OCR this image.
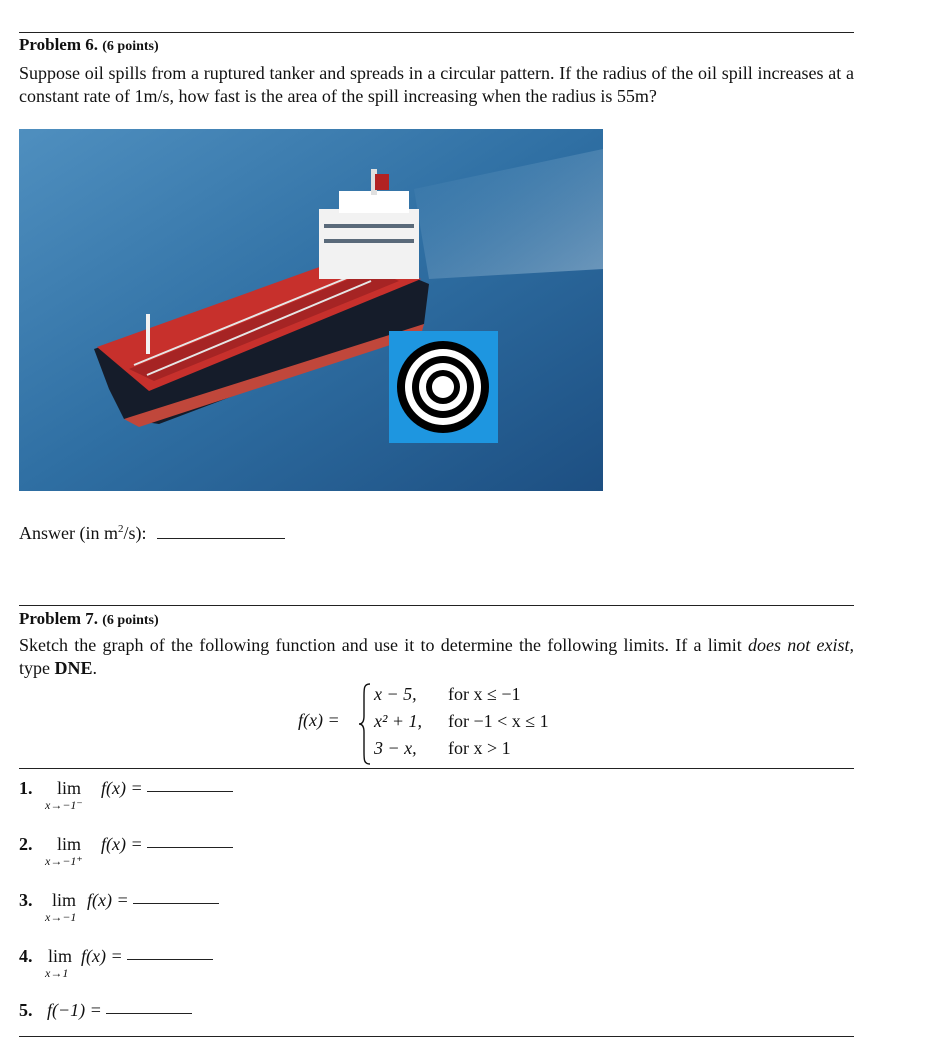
Problem 6. (6 points)
Suppose oil spills from a ruptured tanker and spreads in a circular pattern. If the radius of the oil spill increases at a constant rate of 1m/s, how fast is the area of the spill increasing when the radius is 55m?
Answer (in $m^2/s$):
Problem 7. (6 points)
Sketch the graph of the following function and use it to determine the following limits. If a limit does not exist, type DNE.
f(x) =
x − 5, for x ≤ −1
x² + 1, for −1 < x ≤ 1
3 − x, for x > 1
1. lim
x→−1⁻
f(x) =
2. lim
x→−1⁺
f(x) =
3. lim
x→−1
f(x) =
4. lim
x→1
f(x) =
5. f(−1) =
